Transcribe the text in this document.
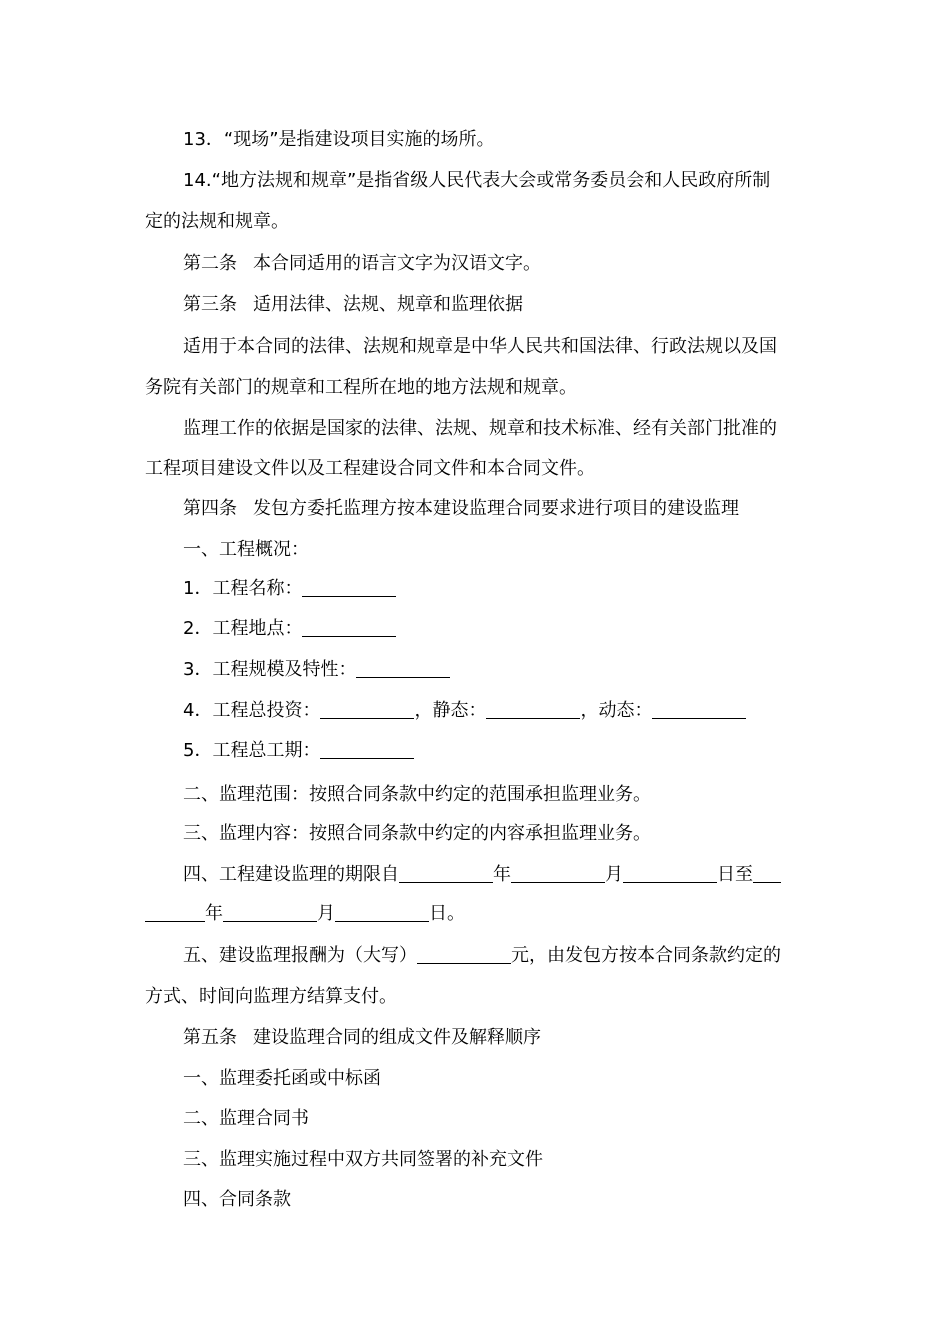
13．“现场”是指建设项目实施的场所。
14.“地方法规和规章”是指省级人民代表大会或常务委员会和人民政府所制
定的法规和规章。
第二条 本合同适用的语言文字为汉语文字。
第三条 适用法律、法规、规章和监理依据
适用于本合同的法律、法规和规章是中华人民共和国法律、行政法规以及国
务院有关部门的规章和工程所在地的地方法规和规章。
监理工作的依据是国家的法律、法规、规章和技术标准、经有关部门批准的
工程项目建设文件以及工程建设合同文件和本合同文件。
第四条 发包方委托监理方按本建设监理合同要求进行项目的建设监理
一、工程概况：
1．工程名称：
2．工程地点：
3．工程规模及特性：
4．工程总投资：	，静态：	，动态：
5．工程总工期：
二、监理范围：按照合同条款中约定的范围承担监理业务。
三、监理内容：按照合同条款中约定的内容承担监理业务。
四、工程建设监理的期限自	年	月	日至
年	月	日。
五、建设监理报酬为（大写）	元，由发包方按本合同条款约定的
方式、时间向监理方结算支付。
第五条 建设监理合同的组成文件及解释顺序
一、监理委托函或中标函
二、监理合同书
三、监理实施过程中双方共同签署的补充文件
四、合同条款
